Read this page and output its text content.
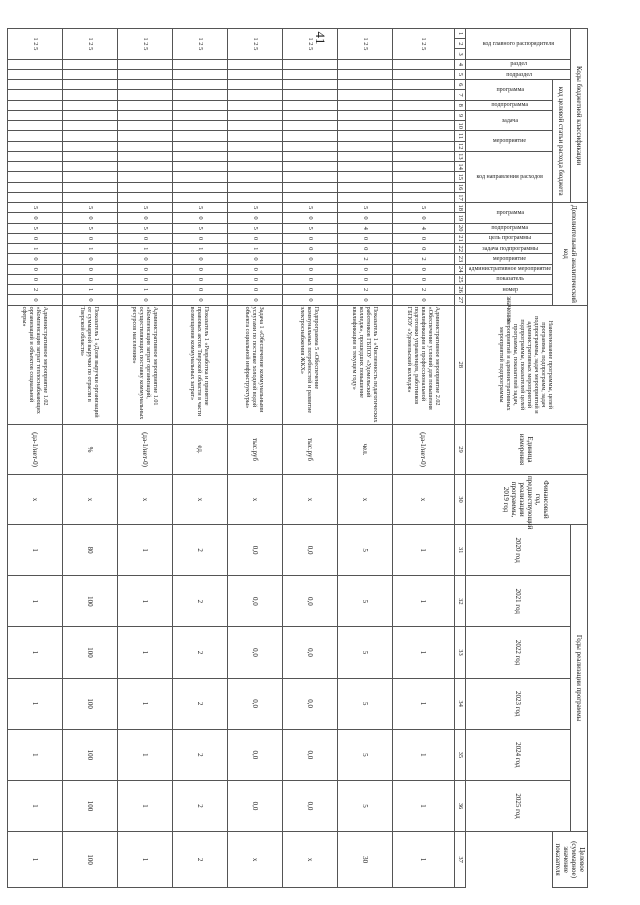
41
Коды бюджетной классификации																	Дополнительный аналитический код										Наименование программы, целей программы, подпрограмм, задач подпрограммы, задач мероприятий и административных мероприятий подпрограммы, показателей целей программы, показателей задач, мероприятий и административных мероприятий подпрограммы	Единица измерения	Финансовый год, предшествующий реализации программы, 2019 год	Годы реализации программы						Целевое (суммарное) значение показателя
код главного распорядителя			раздел	подраздел	код целевой статьи расхода бюджета																									2020 год	2021 год	2022 год	2023 год	2024 год	2025 год	
					программа		подпрограмма	задача		мероприятие		код направления расходов					программа		подпрограмма	цель программы	задача подпрограммы	мероприятие	административное мероприятие	показатель	номер	значение										

1	2	3	4	5	6	7	8	9	10	11	12	13	14	15	16	17	18	19	20	21	22	23	24	25	26	27	28	29	30	31	32	33	34	35	36	37
1 2 5																	5	0	4	0	0	2	0	0	2	0	Административное мероприятие 2.02 «Обеспечение условий для повышения квалификации и профессиональной подготовки управленцев, работников ГБПОУ «Удомельский колледж»	(да-1/нет-0)	х	1	1	1	1	1	1	1
1 2 5																	5	0	4	0	0	2	0	0	2	0	Показатель 1 «Численность педагогических работников ГБПОУ «Удомельский колледж», прошедших повышение квалификации в текущем году»	чел.	х	5	5	5	5	5	5	30
1 2 5																	5	0	5	0	0	0	0	0	0	0	Подпрограмма 5 «Обеспечение коммунальных потребностей и развитие электроснабжения ЖКХ»	тыс.руб	х	0,0	0,0	0,0	0,0	0,0	0,0	х
1 2 5																	5	0	5	0	1	0	0	0	0	0	Задача 1 «Обеспечение коммунальными услугами по поставке холодной водой объекта социальной инфраструктуры»	тыс.руб	х	0,0	0,0	0,0	0,0	0,0	0,0	х
1 2 5																	5	0	5	0	1	0	0	0	0	0	Показатель 1 «Разработка и принятие правовых актов Тверской области в части возмещения коммунальных затрат»	ед.	х	2	2	2	2	2	2	2
1 2 5																	5	0	5	0	1	0	0	0	1	0	Административное мероприятие 1.01 «Компенсация затрат организаций, осуществляющих поставку коммунальных ресурсов населению»	(да-1/нет-0)	х	1	1	1	1	1	1	1
1 2 5																	5	0	5	0	1	0	0	0	1	0	Показатель 1 «Доля выручки организаций от суммарной выручки по отрасли в Тверской области»	%	х	80	100	100	100	100	100	100
1 2 5																	5	0	5	0	1	0	0	0	2	0	Административное мероприятие 1.02 «Компенсация затрат теплоснабжающих организаций и объектов социальной сферы»	(да-1/нет-0)	х	1	1	1	1	1	1	1
